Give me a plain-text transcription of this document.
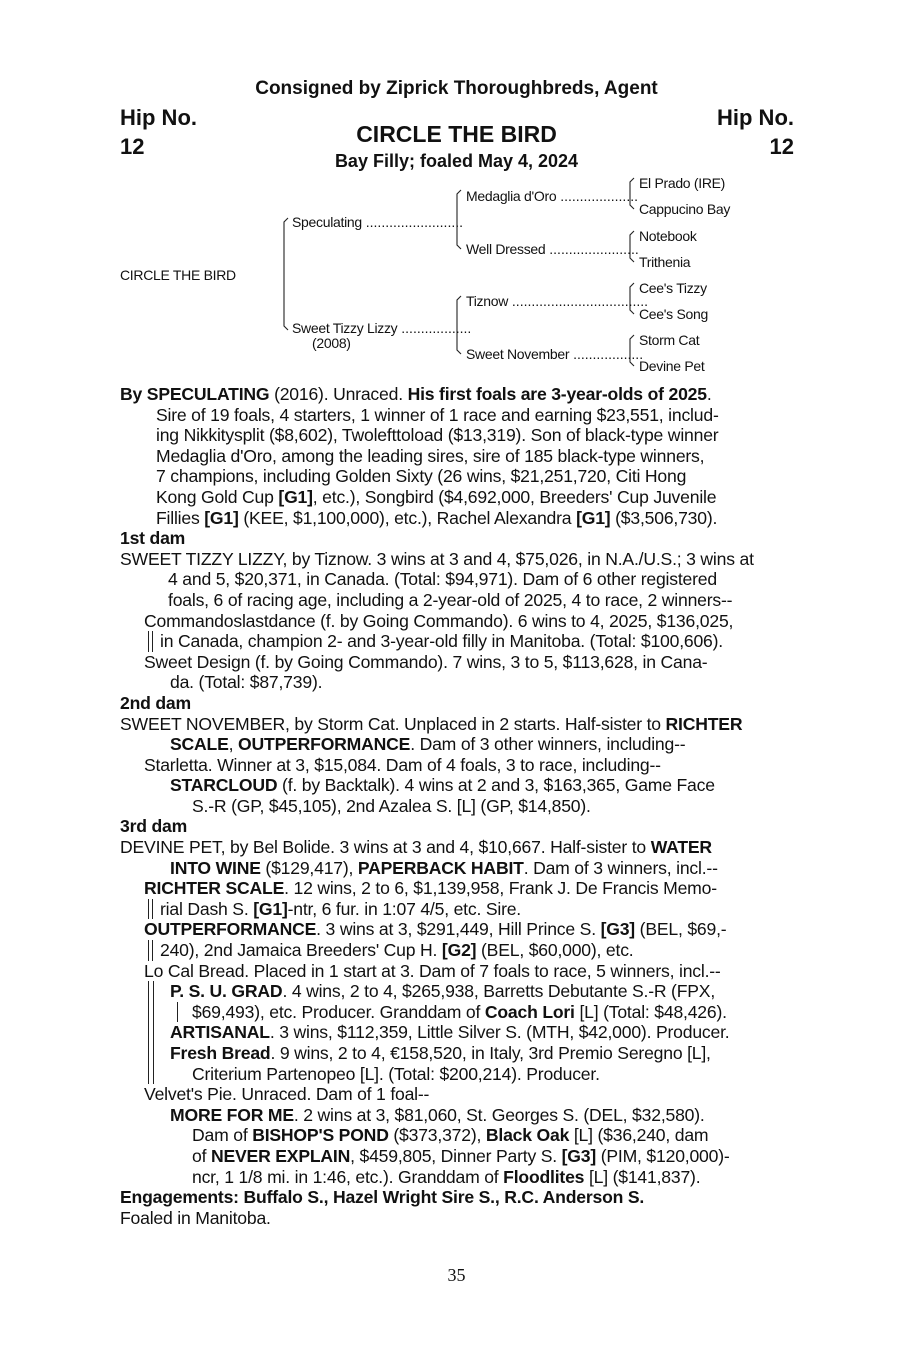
Consigned by Ziprick Thoroughbreds, Agent
Hip No.
12
Hip No.
12
CIRCLE THE BIRD
Bay Filly; foaled May 4, 2024
CIRCLE THE BIRD
Speculating .........................
Sweet Tizzy Lizzy ..................
(2008)
Medaglia d'Oro ....................
Well Dressed .......................
Tiznow ...................................
Sweet November ..................
El Prado (IRE)
Cappucino Bay
Notebook
Trithenia
Cee's Tizzy
Cee's Song
Storm Cat
Devine Pet
By SPECULATING (2016). Unraced. His first foals are 3-year-olds of 2025.
Sire of 19 foals, 4 starters, 1 winner of 1 race and earning $23,551, includ-
ing Nikkitysplit ($8,602), Twolefttoload ($13,319). Son of black-type winner
Medaglia d'Oro, among the leading sires, sire of 185 black-type winners,
7 champions, including Golden Sixty (26 wins, $21,251,720, Citi Hong
Kong Gold Cup [G1], etc.), Songbird ($4,692,000, Breeders' Cup Juvenile
Fillies [G1] (KEE, $1,100,000), etc.), Rachel Alexandra [G1] ($3,506,730).
1st dam
SWEET TIZZY LIZZY, by Tiznow. 3 wins at 3 and 4, $75,026, in N.A./U.S.; 3 wins at
4 and 5, $20,371, in Canada. (Total: $94,971). Dam of 6 other registered
foals, 6 of racing age, including a 2-year-old of 2025, 4 to race, 2 winners--
Commandoslastdance (f. by Going Commando). 6 wins to 4, 2025, $136,025,
in Canada, champion 2- and 3-year-old filly in Manitoba. (Total: $100,606).
Sweet Design (f. by Going Commando). 7 wins, 3 to 5, $113,628, in Cana-
da. (Total: $87,739).
2nd dam
SWEET NOVEMBER, by Storm Cat. Unplaced in 2 starts. Half-sister to RICHTER
SCALE, OUTPERFORMANCE. Dam of 3 other winners, including--
Starletta. Winner at 3, $15,084. Dam of 4 foals, 3 to race, including--
STARCLOUD (f. by Backtalk). 4 wins at 2 and 3, $163,365, Game Face
S.-R (GP, $45,105), 2nd Azalea S. [L] (GP, $14,850).
3rd dam
DEVINE PET, by Bel Bolide. 3 wins at 3 and 4, $10,667. Half-sister to WATER
INTO WINE ($129,417), PAPERBACK HABIT. Dam of 3 winners, incl.--
RICHTER SCALE. 12 wins, 2 to 6, $1,139,958, Frank J. De Francis Memo-
rial Dash S. [G1]-ntr, 6 fur. in 1:07 4/5, etc. Sire.
OUTPERFORMANCE. 3 wins at 3, $291,449, Hill Prince S. [G3] (BEL, $69,-
240), 2nd Jamaica Breeders' Cup H. [G2] (BEL, $60,000), etc.
Lo Cal Bread. Placed in 1 start at 3. Dam of 7 foals to race, 5 winners, incl.--
P. S. U. GRAD. 4 wins, 2 to 4, $265,938, Barretts Debutante S.-R (FPX,
$69,493), etc. Producer. Granddam of Coach Lori [L] (Total: $48,426).
ARTISANAL. 3 wins, $112,359, Little Silver S. (MTH, $42,000). Producer.
Fresh Bread. 9 wins, 2 to 4, €158,520, in Italy, 3rd Premio Seregno [L],
Criterium Partenopeo [L]. (Total: $200,214). Producer.
Velvet's Pie. Unraced. Dam of 1 foal--
MORE FOR ME. 2 wins at 3, $81,060, St. Georges S. (DEL, $32,580).
Dam of BISHOP'S POND ($373,372), Black Oak [L] ($36,240, dam
of NEVER EXPLAIN, $459,805, Dinner Party S. [G3] (PIM, $120,000)-
ncr, 1 1/8 mi. in 1:46, etc.). Granddam of Floodlites [L] ($141,837).
Engagements: Buffalo S., Hazel Wright Sire S., R.C. Anderson S.
Foaled in Manitoba.
35
